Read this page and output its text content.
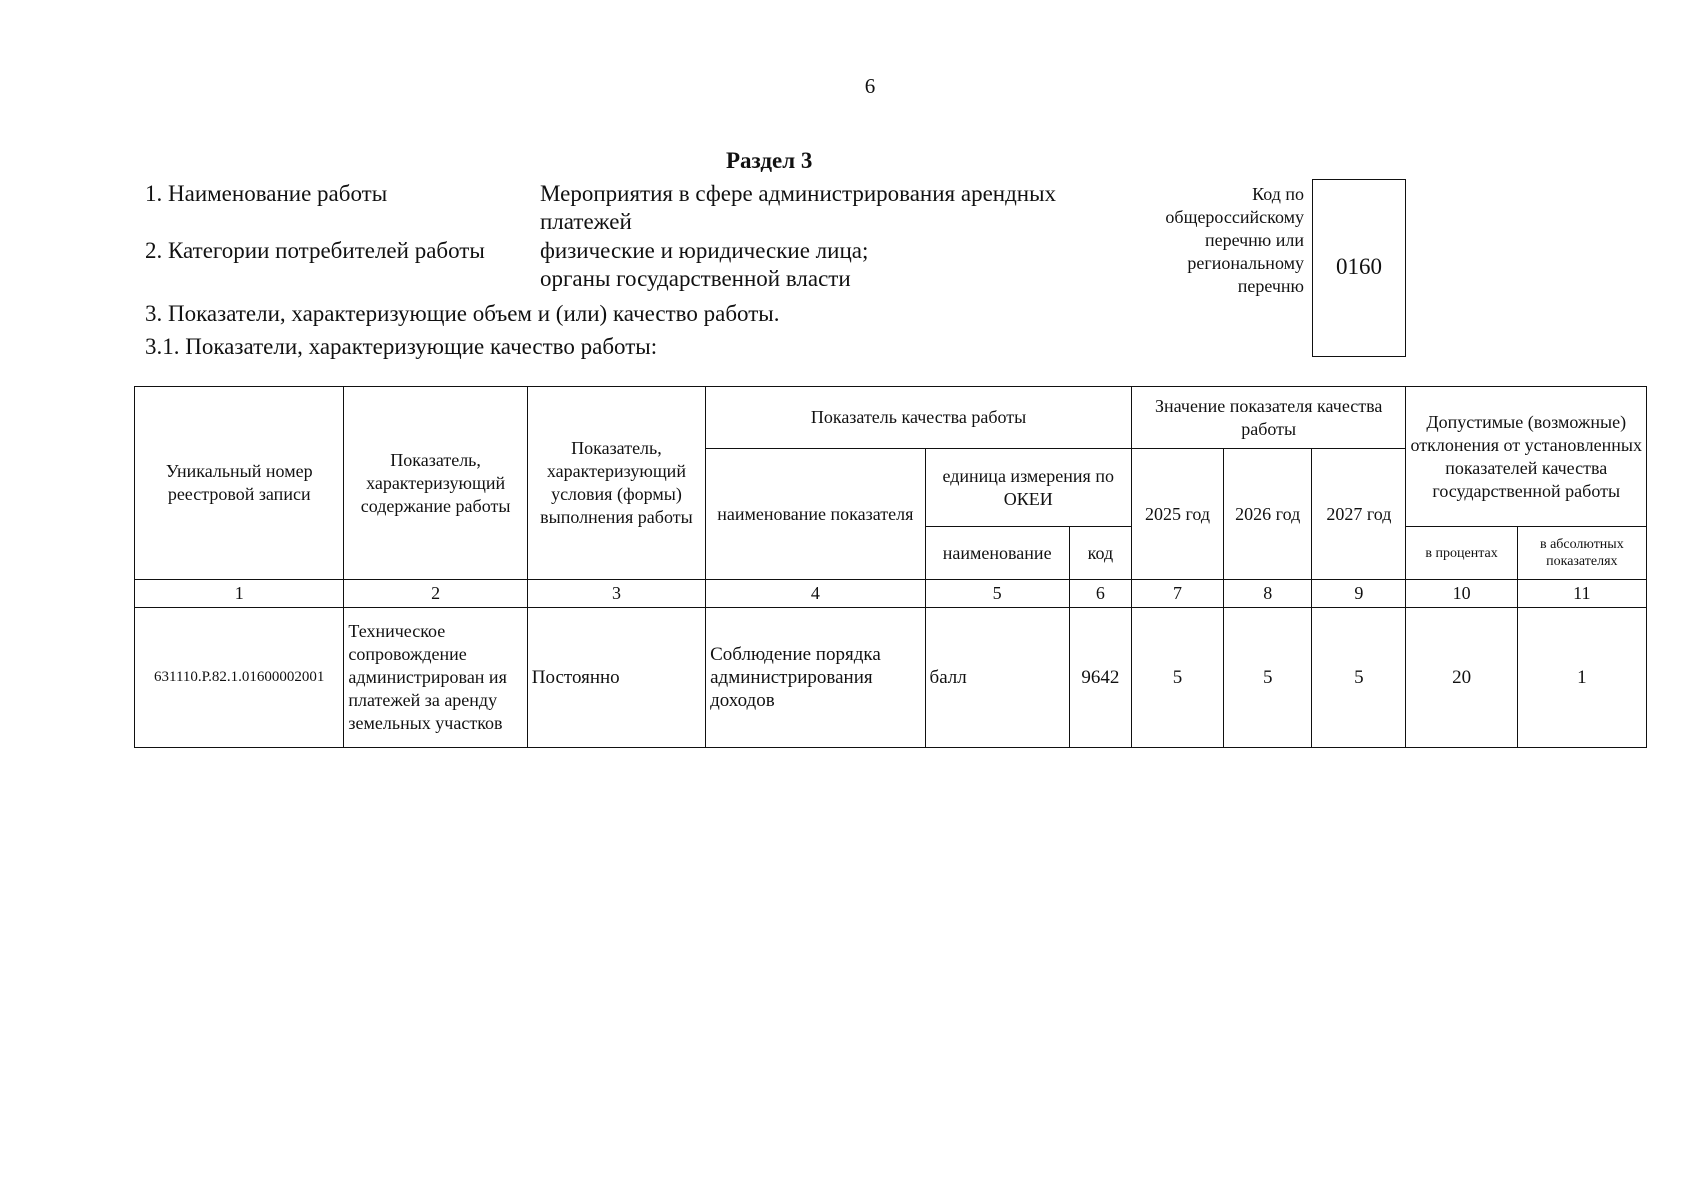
6
Раздел 3
1. Наименование работы	Мероприятия в сфере администрирования арендных
платежей
2. Категории потребителей работы физические и юридические лица;
органы государственной власти
3. Показатели, характеризующие объем и (или) качество работы.
3.1. Показатели, характеризующие качество работы:
Код по
общероссийскому
перечню или
региональному
перечню
0160
Уникальный номер реестровой записи	Показатель, характеризующий содержание работы	Показатель, характеризующий условия (формы) выполнения работы	Показатель качества работы			Значение показателя качества работы			Допустимые (возможные) отклонения от установленных показателей качества государственной работы	
			наименование показателя	единица измерения по ОКЕИ		2025 год	2026 год	2027 год		
				наименование	код				в процентах	в абсолютных показателях
1	2	3	4	5	6	7	8	9	10	11
631110.Р.82.1.01600002001	Техническое сопровождение администрирован ия платежей за аренду земельных участков	Постоянно	Соблюдение порядка администрирования доходов	балл	9642	5	5	5	20	1
